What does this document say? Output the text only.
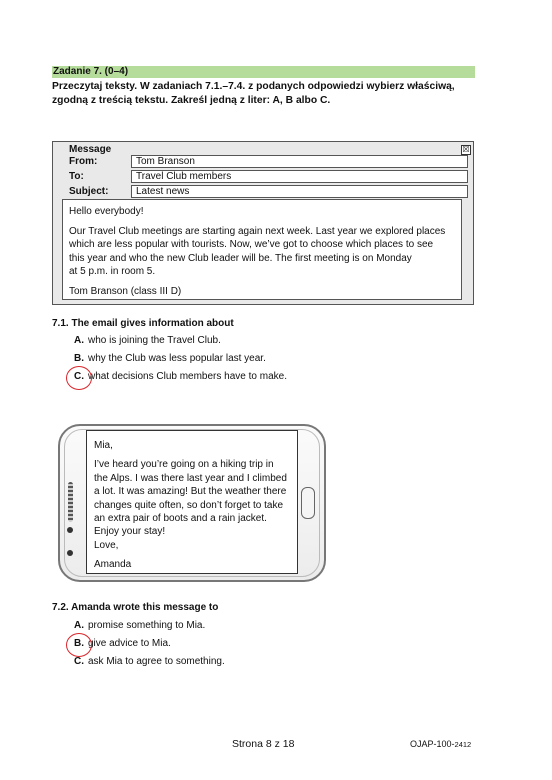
Zadanie 7. (0–4)
Przeczytaj teksty. W zadaniach 7.1.–7.4. z podanych odpowiedzi wybierz właściwą,
zgodną z treścią tekstu. Zakreśl jedną z liter: A, B albo C.
Message	☒
From:	Tom Branson
To:	Travel Club members
Subject:	Latest news

Hello everybody!

Our Travel Club meetings are starting again next week. Last year we explored places

which are less popular with tourists. Now, we’ve got to choose which places to see

this year and who the new Club leader will be. The first meeting is on Monday

at 5 p.m. in room 5.

Tom Branson (class III D)

7.1. The email gives information about
A. who is joining the Travel Club.
B. why the Club was less popular last year.
C. what decisions Club members have to make.

Mia,

I’ve heard you’re going on a hiking trip in

the Alps. I was there last year and I climbed

a lot. It was amazing! But the weather there

changes quite often, so don’t forget to take

an extra pair of boots and a rain jacket.

Enjoy your stay!

Love,

Amanda

7.2. Amanda wrote this message to
A. promise something to Mia.
B. give advice to Mia.
C. ask Mia to agree to something.
Strona 8 z 18	OJAP-100-2412
